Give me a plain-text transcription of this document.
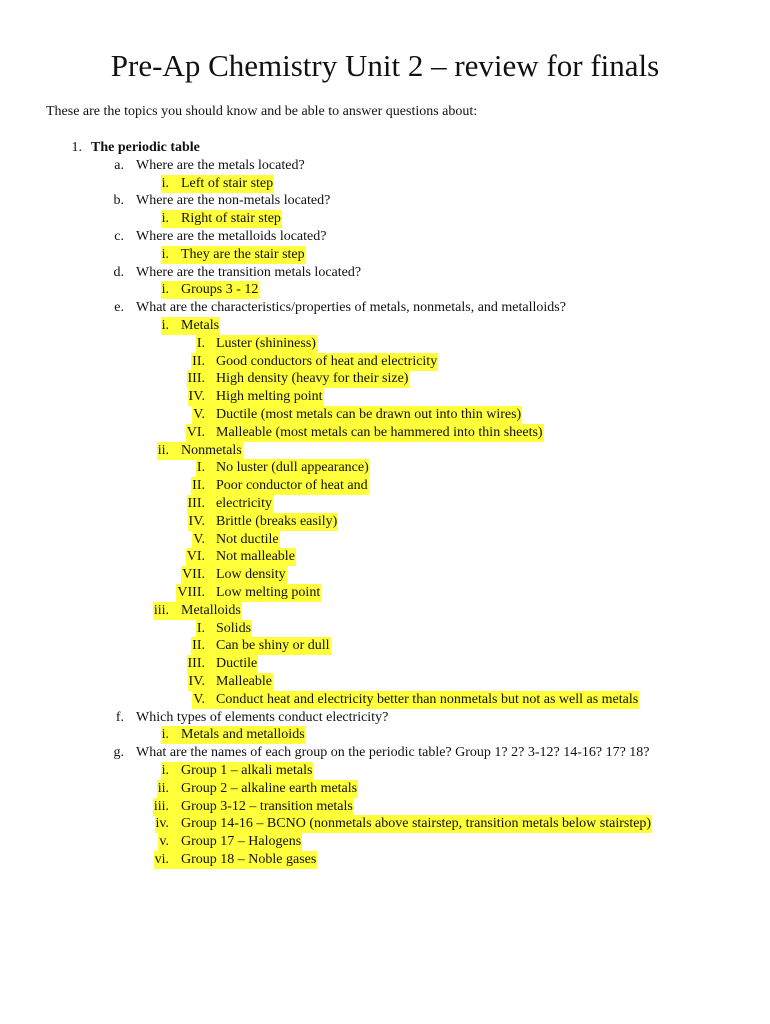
Pre-Ap Chemistry Unit 2 – review for finals
These are the topics you should know and be able to answer questions about:
1. The periodic table
a. Where are the metals located?
i. Left of stair step
b. Where are the non-metals located?
i. Right of stair step
c. Where are the metalloids located?
i. They are the stair step
d. Where are the transition metals located?
i. Groups 3 - 12
e. What are the characteristics/properties of metals, nonmetals, and metalloids?
i. Metals
I. Luster (shininess)
II. Good conductors of heat and electricity
III. High density (heavy for their size)
IV. High melting point
V. Ductile (most metals can be drawn out into thin wires)
VI. Malleable (most metals can be hammered into thin sheets)
ii. Nonmetals
I. No luster (dull appearance)
II. Poor conductor of heat and
III. electricity
IV. Brittle (breaks easily)
V. Not ductile
VI. Not malleable
VII. Low density
VIII. Low melting point
iii. Metalloids
I. Solids
II. Can be shiny or dull
III. Ductile
IV. Malleable
V. Conduct heat and electricity better than nonmetals but not as well as metals
f. Which types of elements conduct electricity?
i. Metals and metalloids
g. What are the names of each group on the periodic table? Group 1? 2? 3-12? 14-16? 17? 18?
i. Group 1 – alkali metals
ii. Group 2 – alkaline earth metals
iii. Group 3-12 – transition metals
iv. Group 14-16 – BCNO (nonmetals above stairstep, transition metals below stairstep)
v. Group 17 – Halogens
vi. Group 18 – Noble gases
